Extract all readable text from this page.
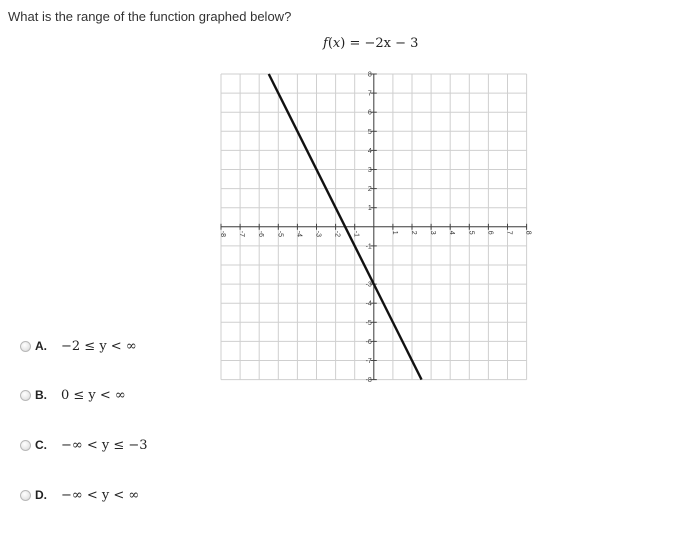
What is the range of the function graphed below?
f(x) = −2x − 3
-8 -7 -6 -5 -4 -3 -2 -1	1 2 3 4 5 6 7 8
8
7
6
5
4
3
2
1
-1
-3
-4
-5
-6
-7
-8
A.	−2 ≤ y < ∞
B.	0 ≤ y < ∞
C.	−∞ < y ≤ −3
D.	−∞ < y < ∞
